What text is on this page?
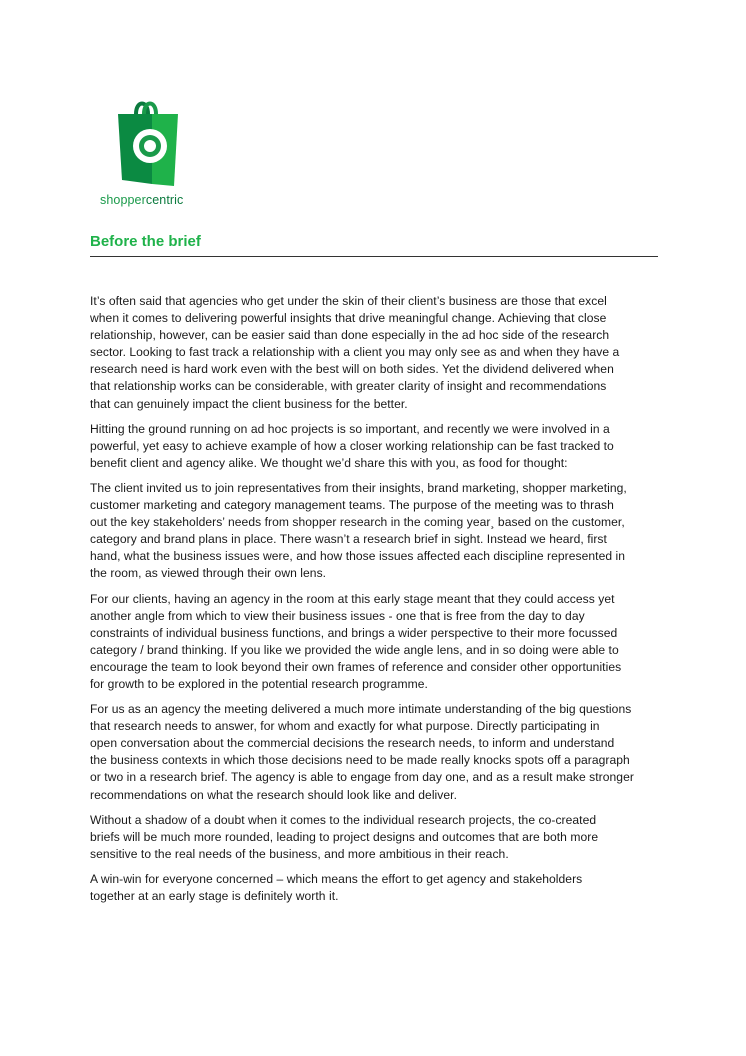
shoppercentric
Before the brief

It’s often said that agencies who get under the skin of their client’s business are those that excel
when it comes to delivering powerful insights that drive meaningful change. Achieving that close
relationship, however, can be easier said than done especially in the ad hoc side of the research
sector. Looking to fast track a relationship with a client you may only see as and when they have a
research need is hard work even with the best will on both sides. Yet the dividend delivered when
that relationship works can be considerable, with greater clarity of insight and recommendations
that can genuinely impact the client business for the better.

Hitting the ground running on ad hoc projects is so important, and recently we were involved in a
powerful, yet easy to achieve example of how a closer working relationship can be fast tracked to
benefit client and agency alike. We thought we’d share this with you, as food for thought:

The client invited us to join representatives from their insights, brand marketing, shopper marketing,
customer marketing and category management teams. The purpose of the meeting was to thrash
out the key stakeholders’ needs from shopper research in the coming year¸ based on the customer,
category and brand plans in place. There wasn’t a research brief in sight. Instead we heard, first
hand, what the business issues were, and how those issues affected each discipline represented in
the room, as viewed through their own lens.

For our clients, having an agency in the room at this early stage meant that they could access yet
another angle from which to view their business issues - one that is free from the day to day
constraints of individual business functions, and brings a wider perspective to their more focussed
category / brand thinking. If you like we provided the wide angle lens, and in so doing were able to
encourage the team to look beyond their own frames of reference and consider other opportunities
for growth to be explored in the potential research programme.

For us as an agency the meeting delivered a much more intimate understanding of the big questions
that research needs to answer, for whom and exactly for what purpose. Directly participating in
open conversation about the commercial decisions the research needs, to inform and understand
the business contexts in which those decisions need to be made really knocks spots off a paragraph
or two in a research brief. The agency is able to engage from day one, and as a result make stronger
recommendations on what the research should look like and deliver.

Without a shadow of a doubt when it comes to the individual research projects, the co-created
briefs will be much more rounded, leading to project designs and outcomes that are both more
sensitive to the real needs of the business, and more ambitious in their reach.

A win-win for everyone concerned – which means the effort to get agency and stakeholders
together at an early stage is definitely worth it.
